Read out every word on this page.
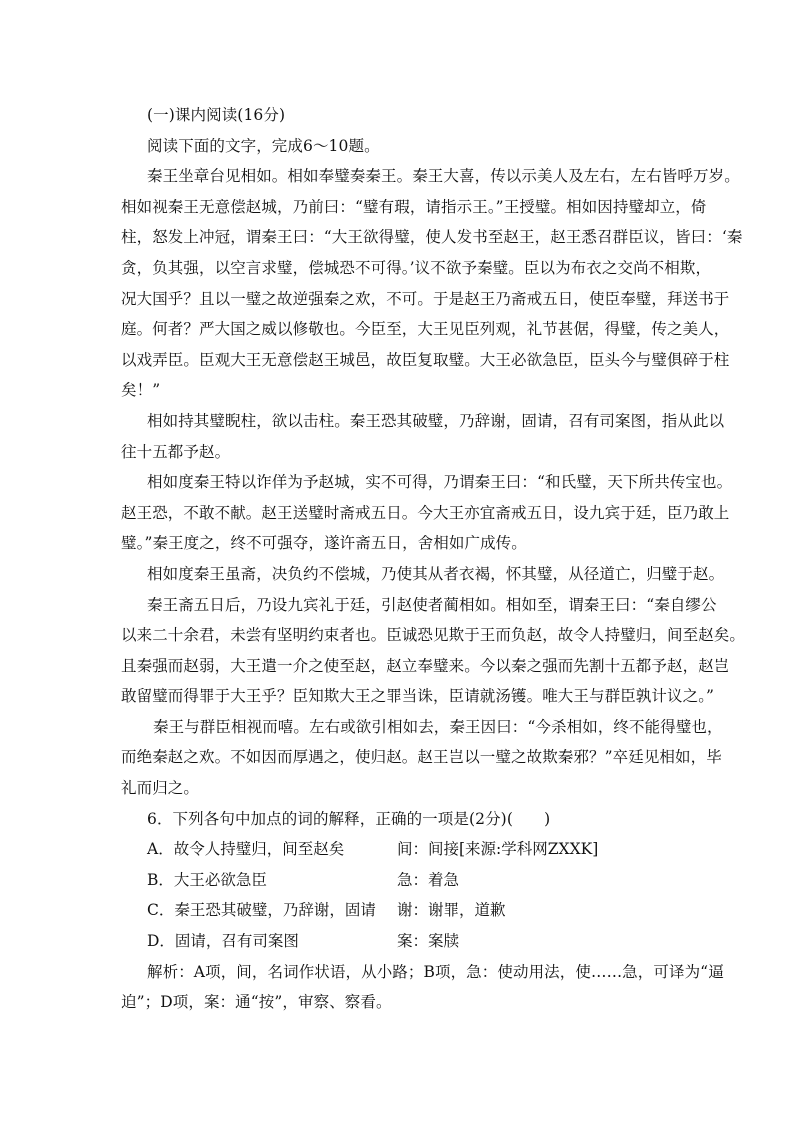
(一)课内阅读(16分)
阅读下面的文字，完成6～10题。
秦王坐章台见相如。相如奉璧奏秦王。秦王大喜，传以示美人及左右，左右皆呼万岁。
相如视秦王无意偿赵城，乃前曰：“璧有瑕，请指示王。”王授璧。相如因持璧却立，倚
柱，怒发上冲冠，谓秦王曰：“大王欲得璧，使人发书至赵王，赵王悉召群臣议，皆曰：‘秦
贪，负其强，以空言求璧，偿城恐不可得。’议不欲予秦璧。臣以为布衣之交尚不相欺，
况大国乎？且以一璧之故逆强秦之欢，不可。于是赵王乃斋戒五日，使臣奉璧，拜送书于
庭。何者？严大国之威以修敬也。今臣至，大王见臣列观，礼节甚倨，得璧，传之美人，
以戏弄臣。臣观大王无意偿赵王城邑，故臣复取璧。大王必欲急臣，臣头今与璧俱碎于柱
矣！”
相如持其璧睨柱，欲以击柱。秦王恐其破璧，乃辞谢，固请，召有司案图，指从此以
往十五都予赵。
相如度秦王特以诈佯为予赵城，实不可得，乃谓秦王曰：“和氏璧，天下所共传宝也。
赵王恐，不敢不献。赵王送璧时斋戒五日。今大王亦宜斋戒五日，设九宾于廷，臣乃敢上
璧。”秦王度之，终不可强夺，遂许斋五日，舍相如广成传。
相如度秦王虽斋，决负约不偿城，乃使其从者衣褐，怀其璧，从径道亡，归璧于赵。
秦王斋五日后，乃设九宾礼于廷，引赵使者蔺相如。相如至，谓秦王曰：“秦自缪公
以来二十余君，未尝有坚明约束者也。臣诚恐见欺于王而负赵，故令人持璧归，间至赵矣。
且秦强而赵弱，大王遣一介之使至赵，赵立奉璧来。今以秦之强而先割十五都予赵，赵岂
敢留璧而得罪于大王乎？臣知欺大王之罪当诛，臣请就汤镬。唯大王与群臣孰计议之。”
秦王与群臣相视而嘻。左右或欲引相如去，秦王因曰：“今杀相如，终不能得璧也，
而绝秦赵之欢。不如因而厚遇之，使归赵。赵王岂以一璧之故欺秦邪？”卒廷见相如，毕
礼而归之。
6．下列各句中加点的词的解释，正确的一项是(2分)(　　)
A．故令人持璧归，间至赵矣	间：间接[来源:学科网ZXXK]
B．大王必欲急臣	急：着急
C．秦王恐其破璧，乃辞谢，固请 谢：谢罪，道歉
D．固请，召有司案图	案：案牍
解析：A项，间，名词作状语，从小路；B项，急：使动用法，使……急，可译为“逼
迫”；D项，案：通“按”，审察、察看。
